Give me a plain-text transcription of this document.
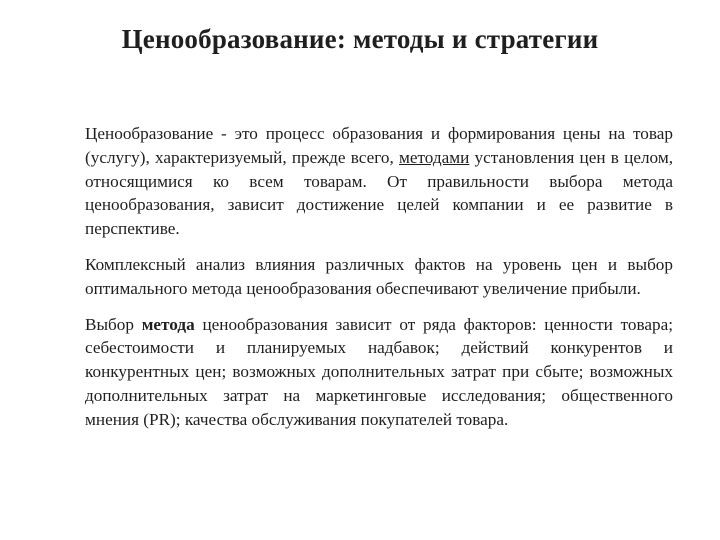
Ценообразование: методы и стратегии

Ценообразование - это процесс образования и формирования цены на товар (услугу), характеризуемый, прежде всего, методами установления цен в целом, относящимися ко всем товарам. От правильности выбора метода ценообразования, зависит достижение целей компании и ее развитие в перспективе.

Комплексный анализ влияния различных фактов на уровень цен и выбор оптимального метода ценообразования обеспечивают увеличение прибыли.

Выбор метода ценообразования зависит от ряда факторов: ценности товара; себестоимости и планируемых надбавок; действий конкурентов и конкурентных цен; возможных дополнительных затрат при сбыте; возможных дополнительных затрат на маркетинговые исследования; общественного мнения (PR); качества обслуживания покупателей товара.
